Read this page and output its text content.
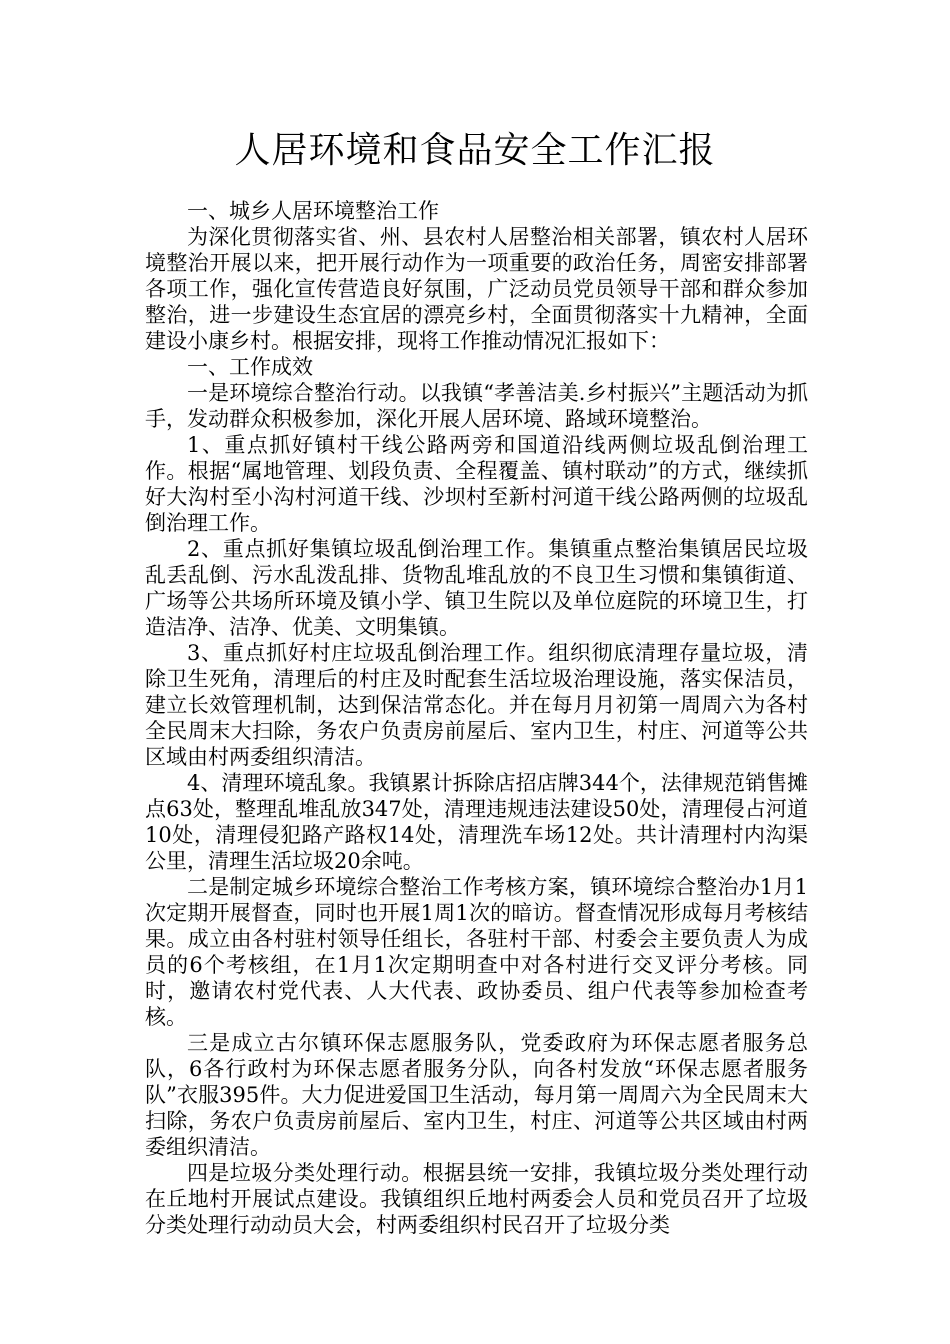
人居环境和食品安全工作汇报

一、城乡人居环境整治工作

为深化贯彻落实省、州、县农村人居整治相关部署，镇农村人居环境整治开展以来，把开展行动作为一项重要的政治任务，周密安排部署各项工作，强化宣传营造良好氛围，广泛动员党员领导干部和群众参加整治，进一步建设生态宜居的漂亮乡村，全面贯彻落实十九精神，全面建设小康乡村。根据安排，现将工作推动情况汇报如下：

一、工作成效

一是环境综合整治行动。以我镇“孝善洁美.乡村振兴”主题活动为抓手，发动群众积极参加，深化开展人居环境、路域环境整治。

1、重点抓好镇村干线公路两旁和国道沿线两侧垃圾乱倒治理工作。根据“属地管理、划段负责、全程覆盖、镇村联动”的方式，继续抓好大沟村至小沟村河道干线、沙坝村至新村河道干线公路两侧的垃圾乱倒治理工作。

2、重点抓好集镇垃圾乱倒治理工作。集镇重点整治集镇居民垃圾乱丢乱倒、污水乱泼乱排、货物乱堆乱放的不良卫生习惯和集镇街道、广场等公共场所环境及镇小学、镇卫生院以及单位庭院的环境卫生，打造洁净、洁净、优美、文明集镇。

3、重点抓好村庄垃圾乱倒治理工作。组织彻底清理存量垃圾，清除卫生死角，清理后的村庄及时配套生活垃圾治理设施，落实保洁员，建立长效管理机制，达到保洁常态化。并在每月月初第一周周六为各村全民周末大扫除，务农户负责房前屋后、室内卫生，村庄、河道等公共区域由村两委组织清洁。

4、清理环境乱象。我镇累计拆除店招店牌344个，法律规范销售摊点63处，整理乱堆乱放347处，清理违规违法建设50处，清理侵占河道10处，清理侵犯路产路权14处，清理洗车场12处。共计清理村内沟渠公里，清理生活垃圾20余吨。

二是制定城乡环境综合整治工作考核方案，镇环境综合整治办1月1次定期开展督查，同时也开展1周1次的暗访。督查情况形成每月考核结果。成立由各村驻村领导任组长，各驻村干部、村委会主要负责人为成员的6个考核组，在1月1次定期明查中对各村进行交叉评分考核。同时，邀请农村党代表、人大代表、政协委员、组户代表等参加检查考核。

三是成立古尔镇环保志愿服务队，党委政府为环保志愿者服务总队，6各行政村为环保志愿者服务分队，向各村发放“环保志愿者服务队”衣服395件。大力促进爱国卫生活动，每月第一周周六为全民周末大扫除，务农户负责房前屋后、室内卫生，村庄、河道等公共区域由村两委组织清洁。

四是垃圾分类处理行动。根据县统一安排，我镇垃圾分类处理行动在丘地村开展试点建设。我镇组织丘地村两委会人员和党员召开了垃圾分类处理行动动员大会，村两委组织村民召开了垃圾分类
